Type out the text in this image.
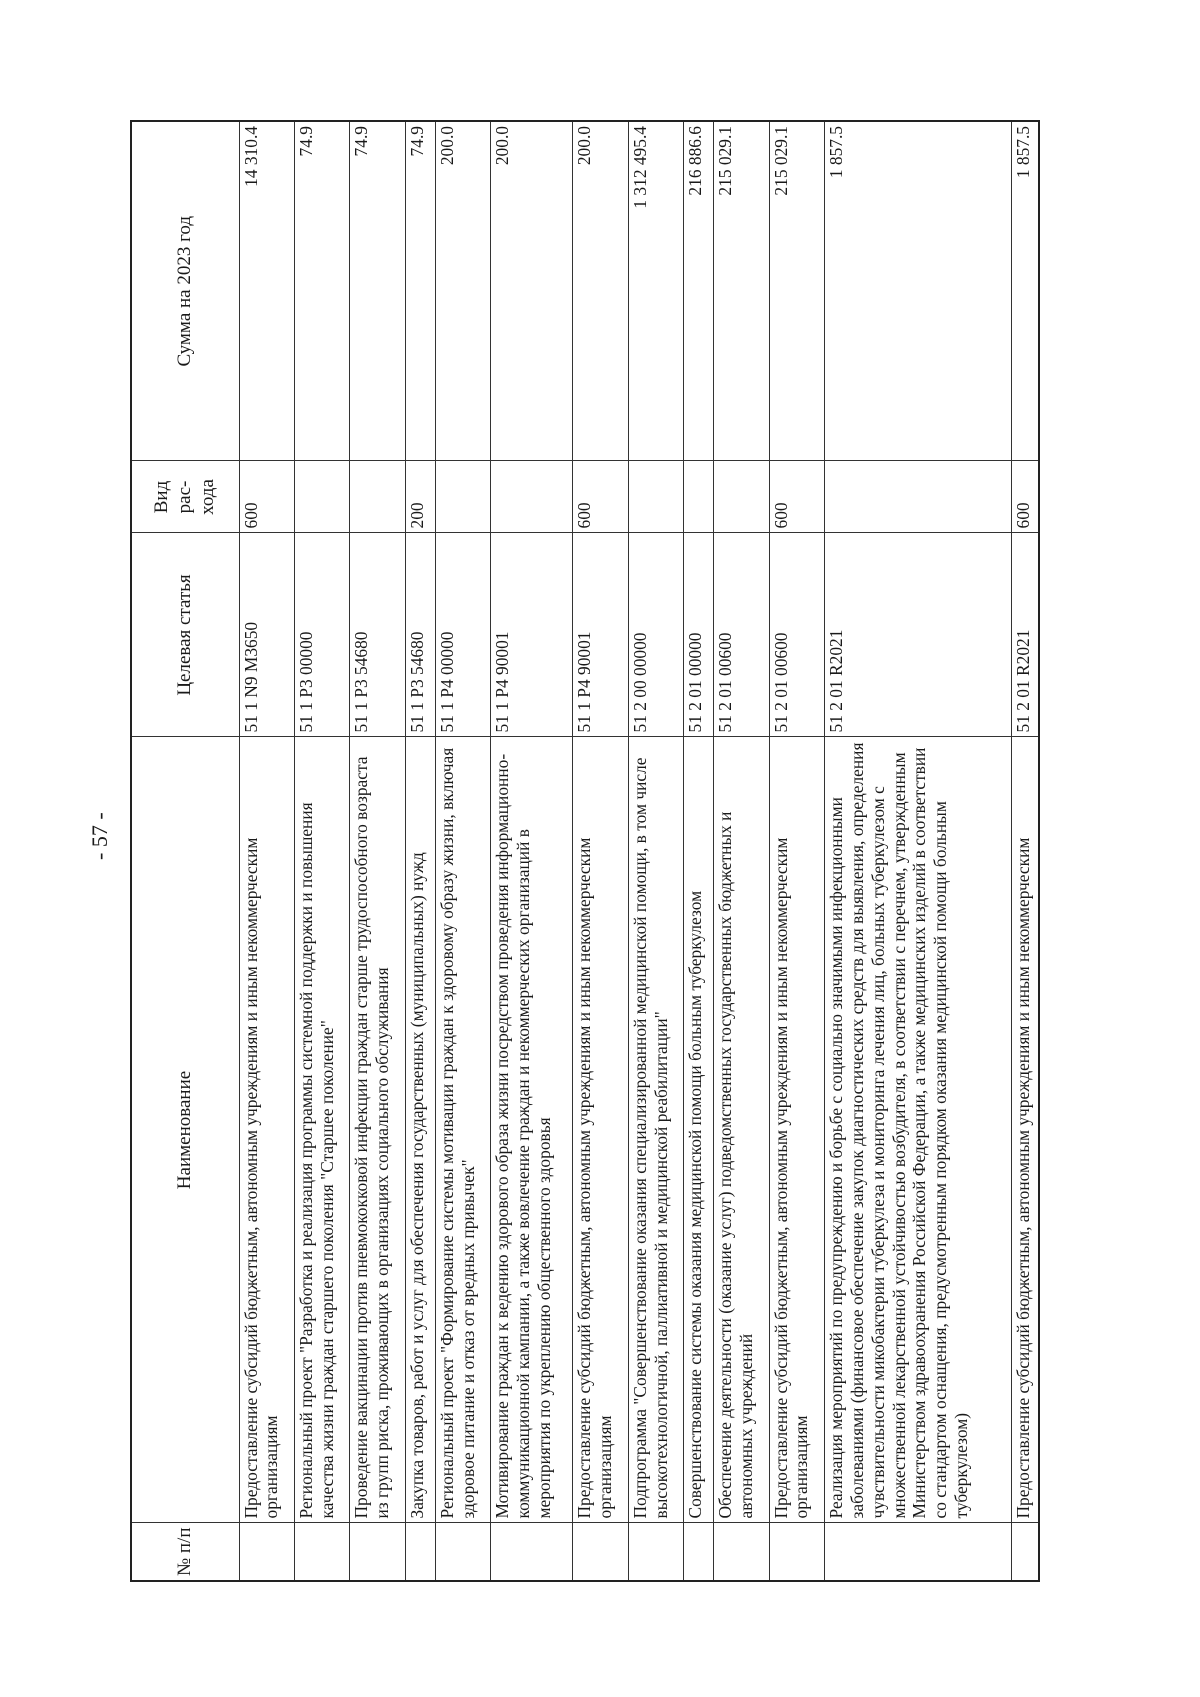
- 57 -
№ п/п	Наименование	Целевая статья	Вид рас- хода	Сумма на 2023 год
	Предоставление субсидий бюджетным, автономным учреждениям и иным некоммерческим организациям	51 1 N9 M3650	600	14 310.4
	Региональный проект "Разработка и реализация программы системной поддержки и повышения качества жизни граждан старшего поколения "Старшее поколение"	51 1 P3 00000		74.9
	Проведение вакцинации против пневмококковой инфекции граждан старше трудоспособного возраста из групп риска, проживающих в организациях социального обслуживания	51 1 P3 54680		74.9
	Закупка товаров, работ и услуг для обеспечения государственных (муниципальных) нужд	51 1 P3 54680	200	74.9
	Региональный проект "Формирование системы мотивации граждан к здоровому образу жизни, включая здоровое питание и отказ от вредных привычек"	51 1 P4 00000		200.0
	Мотивирование граждан к ведению здорового образа жизни посредством проведения информационно-коммуникационной кампании, а также вовлечение граждан и некоммерческих организаций в мероприятия по укреплению общественного здоровья	51 1 P4 90001		200.0
	Предоставление субсидий бюджетным, автономным учреждениям и иным некоммерческим организациям	51 1 P4 90001	600	200.0
	Подпрограмма "Совершенствование оказания специализированной медицинской помощи, в том числе высокотехнологичной, паллиативной и медицинской реабилитации"	51 2 00 00000		1 312 495.4
	Совершенствование системы оказания медицинской помощи больным туберкулезом	51 2 01 00000		216 886.6
	Обеспечение деятельности (оказание услуг) подведомственных государственных бюджетных и автономных учреждений	51 2 01 00600		215 029.1
	Предоставление субсидий бюджетным, автономным учреждениям и иным некоммерческим организациям	51 2 01 00600	600	215 029.1
	Реализация мероприятий по предупреждению и борьбе с социально значимыми инфекционными заболеваниями (финансовое обеспечение закупок диагностических средств для выявления, определения чувствительности микобактерии туберкулеза и мониторинга лечения лиц, больных туберкулезом с множественной лекарственной устойчивостью возбудителя, в соответствии с перечнем, утвержденным Министерством здравоохранения Российской Федерации, а также медицинских изделий в соответствии со стандартом оснащения, предусмотренным порядком оказания медицинской помощи больным туберкулезом)	51 2 01 R2021		1 857.5
	Предоставление субсидий бюджетным, автономным учреждениям и иным некоммерческим	51 2 01 R2021	600	1 857.5
